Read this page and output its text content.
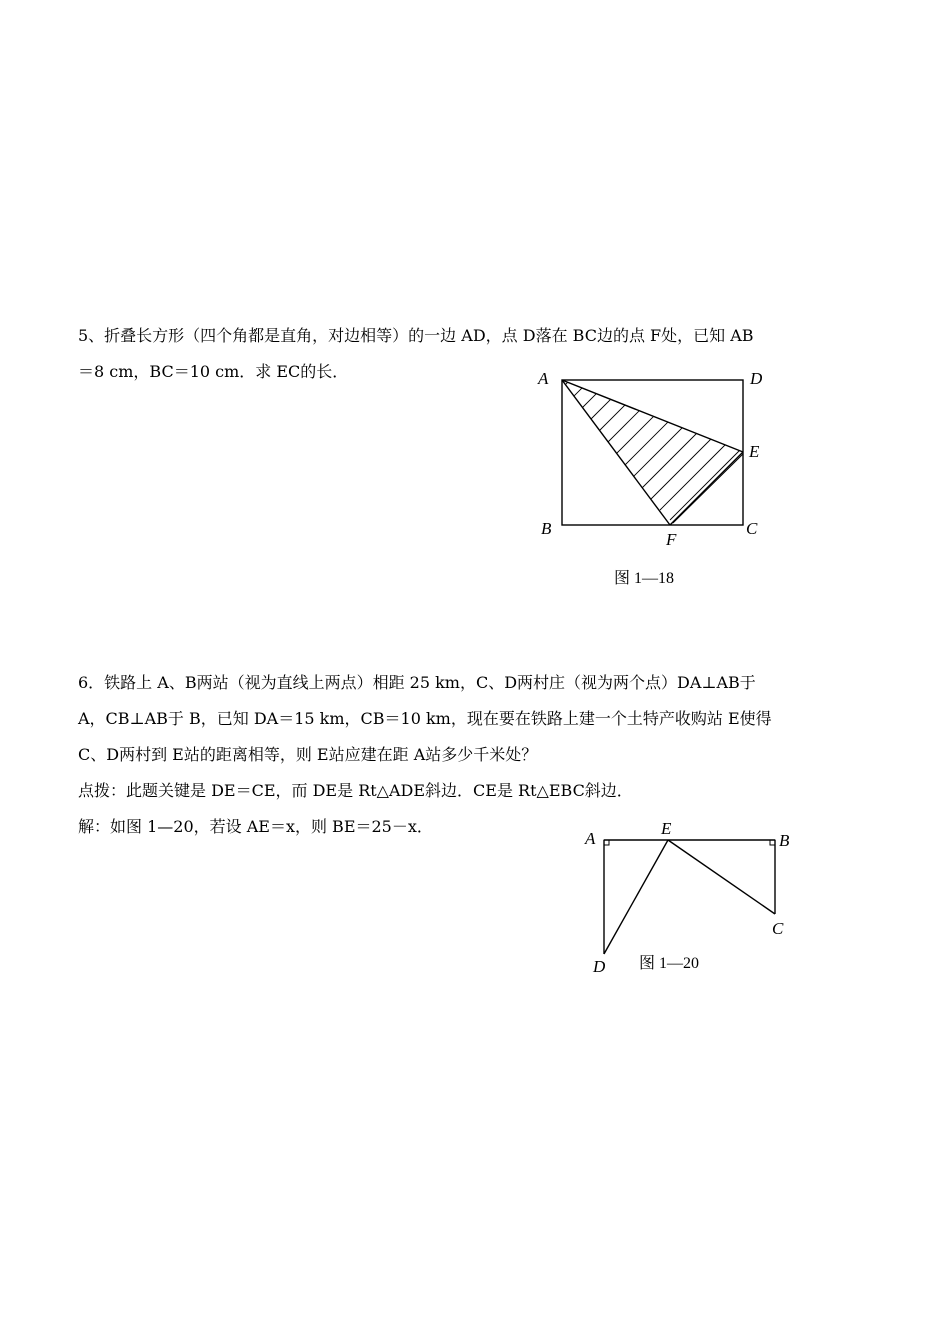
5、折叠长方形（四个角都是直角，对边相等）的一边 AD，点 D落在 BC边的点 F处，已知 AB
＝8 cm，BC＝10 cm．求 EC的长．	A	D
E
B	C
F
图 1—18
6．铁路上 A、B两站（视为直线上两点）相距 25 km，C、D两村庄（视为两个点）DA⊥AB于
A，CB⊥AB于 B，已知 DA＝15 km，CB＝10 km，现在要在铁路上建一个土特产收购站 E使得
C、D两村到 E站的距离相等，则 E站应建在距 A站多少千米处？
点拨：此题关键是 DE＝CE，而 DE是 Rt△ADE斜边．CE是 Rt△EBC斜边．
解：如图 1—20，若设 AE＝x，则 BE＝25－x．
A
E
B
C
D 图 1—20
